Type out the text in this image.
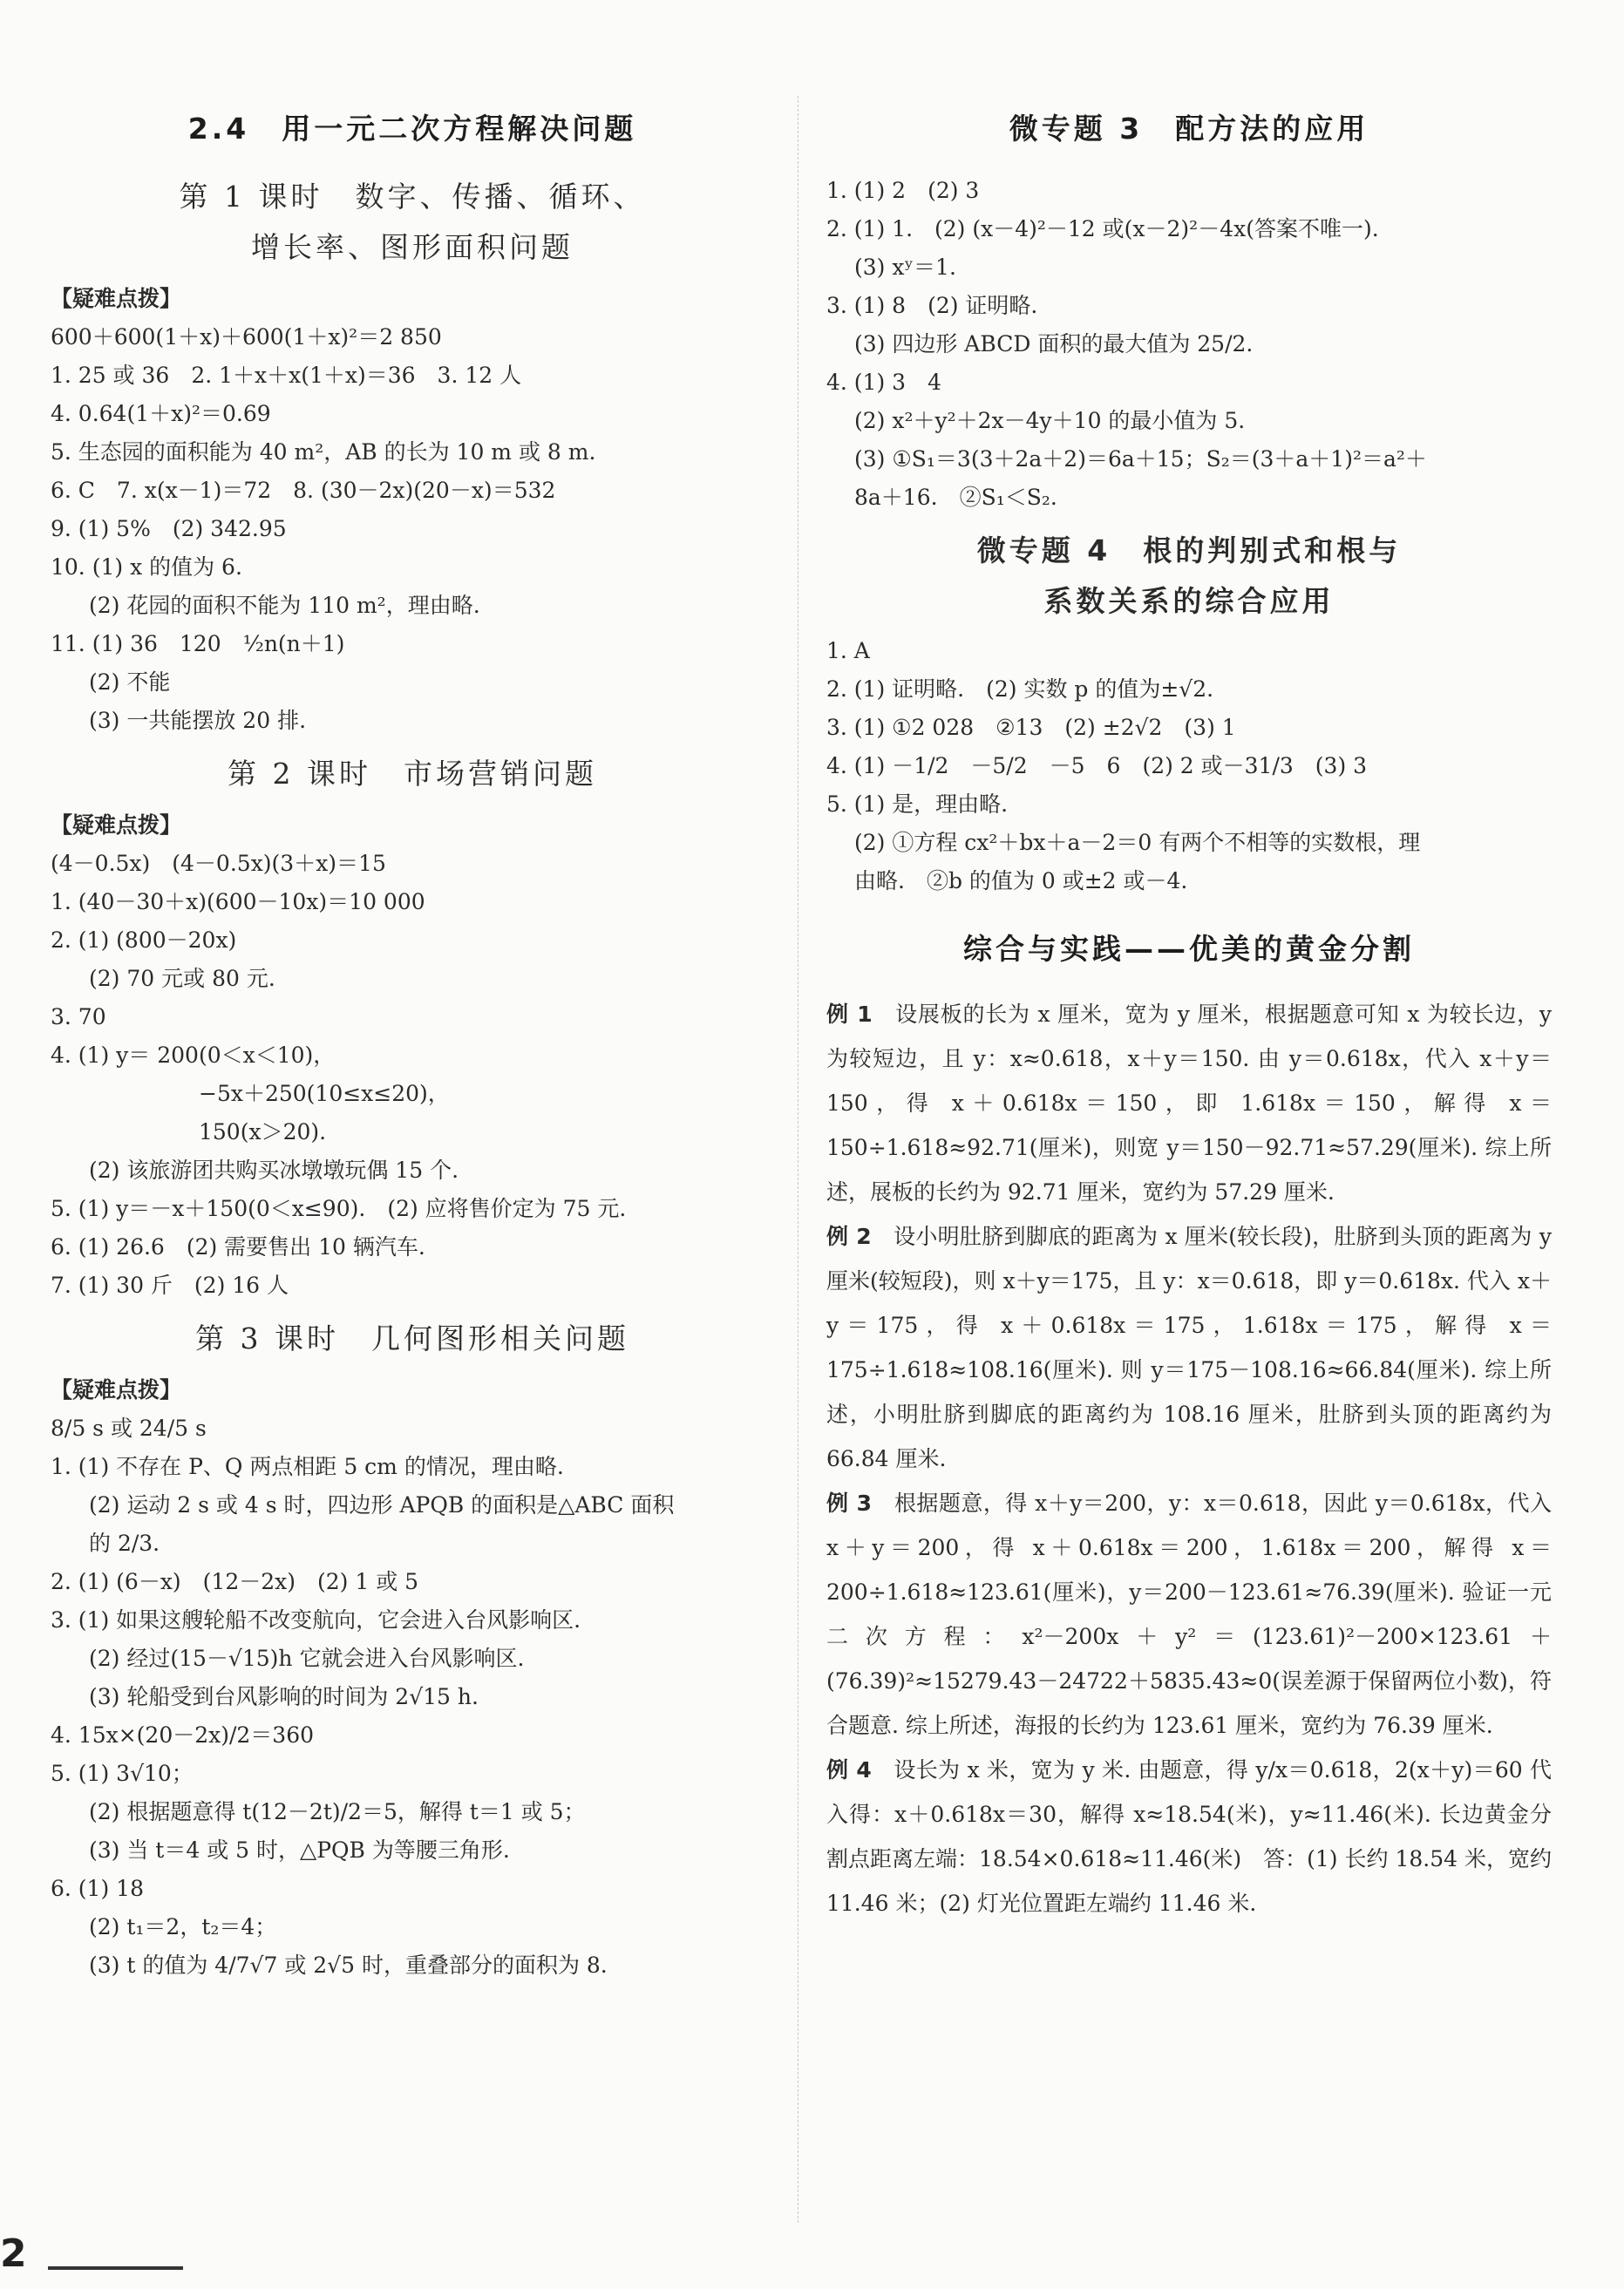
2.4　用一元二次方程解决问题
第 1 课时　数字、传播、循环、
增长率、图形面积问题
【疑难点拨】
600＋600(1＋x)＋600(1＋x)²＝2 850
1. 25 或 36　2. 1＋x＋x(1＋x)＝36　3. 12 人
4. 0.64(1＋x)²＝0.69
5. 生态园的面积能为 40 m²，AB 的长为 10 m 或 8 m.
6. C　7. x(x－1)＝72　8. (30－2x)(20－x)＝532
9. (1) 5%　(2) 342.95
10. (1) x 的值为 6.
(2) 花园的面积不能为 110 m²，理由略.
11. (1) 36　120　½n(n＋1)
(2) 不能
(3) 一共能摆放 20 排.
第 2 课时　市场营销问题
【疑难点拨】
(4－0.5x)　(4－0.5x)(3＋x)＝15
1. (40－30＋x)(600－10x)＝10 000
2. (1) (800－20x)
(2) 70 元或 80 元.
3. 70
4. (1) y＝ 200(0＜x＜10)，
−5x＋250(10≤x≤20)，
150(x＞20).
(2) 该旅游团共购买冰墩墩玩偶 15 个.
5. (1) y＝－x＋150(0＜x≤90).　(2) 应将售价定为 75 元.
6. (1) 26.6　(2) 需要售出 10 辆汽车.
7. (1) 30 斤　(2) 16 人
第 3 课时　几何图形相关问题
【疑难点拨】
8/5 s 或 24/5 s
1. (1) 不存在 P、Q 两点相距 5 cm 的情况，理由略.
(2) 运动 2 s 或 4 s 时，四边形 APQB 的面积是△ABC 面积
的 2/3.
2. (1) (6－x)　(12－2x)　(2) 1 或 5
3. (1) 如果这艘轮船不改变航向，它会进入台风影响区.
(2) 经过(15－√15)h 它就会进入台风影响区.
(3) 轮船受到台风影响的时间为 2√15 h.
4. 15x×(20－2x)/2＝360
5. (1) 3√10；
(2) 根据题意得 t(12－2t)/2＝5，解得 t＝1 或 5；
(3) 当 t＝4 或 5 时，△PQB 为等腰三角形.
6. (1) 18
(2) t₁＝2，t₂＝4；
(3) t 的值为 4/7√7 或 2√5 时，重叠部分的面积为 8.
微专题 3　配方法的应用
1. (1) 2　(2) 3
2. (1) 1.　(2) (x－4)²－12 或(x－2)²－4x(答案不唯一).
(3) xʸ＝1.
3. (1) 8　(2) 证明略.
(3) 四边形 ABCD 面积的最大值为 25/2.
4. (1) 3　4
(2) x²＋y²＋2x－4y＋10 的最小值为 5.
(3) ①S₁＝3(3＋2a＋2)＝6a＋15；S₂＝(3＋a＋1)²＝a²＋
8a＋16.　②S₁＜S₂.
微专题 4　根的判别式和根与
系数关系的综合应用
1. A
2. (1) 证明略.　(2) 实数 p 的值为±√2.
3. (1) ①2 028　②13　(2) ±2√2　(3) 1
4. (1) －1/2　－5/2　－5　6　(2) 2 或－31/3　(3) 3
5. (1) 是，理由略.
(2) ①方程 cx²＋bx＋a－2＝0 有两个不相等的实数根，理
由略.　②b 的值为 0 或±2 或－4.
综合与实践——优美的黄金分割
例 1　 设展板的长为 x 厘米，宽为 y 厘米，根据题意可知 x 为较长边，y 为较短边，且 y：x≈0.618，x＋y＝150. 由 y＝0.618x，代入 x＋y＝150，得 x＋0.618x＝150，即 1.618x＝150，解得 x＝150÷1.618≈92.71(厘米)，则宽 y＝150－92.71≈57.29(厘米). 综上所述，展板的长约为 92.71 厘米，宽约为 57.29 厘米.
例 2　 设小明肚脐到脚底的距离为 x 厘米(较长段)，肚脐到头顶的距离为 y 厘米(较短段)，则 x＋y＝175，且 y：x＝0.618，即 y＝0.618x. 代入 x＋y＝175，得 x＋0.618x＝175，1.618x＝175，解得 x＝175÷1.618≈108.16(厘米). 则 y＝175－108.16≈66.84(厘米). 综上所述，小明肚脐到脚底的距离约为 108.16 厘米，肚脐到头顶的距离约为 66.84 厘米.
例 3　 根据题意，得 x＋y＝200，y：x＝0.618，因此 y＝0.618x，代入 x＋y＝200，得 x＋0.618x＝200，1.618x＝200，解得 x＝200÷1.618≈123.61(厘米)，y＝200－123.61≈76.39(厘米). 验证一元二次方程：x²－200x＋y²＝(123.61)²－200×123.61＋(76.39)²≈15279.43－24722＋5835.43≈0(误差源于保留两位小数)，符合题意. 综上所述，海报的长约为 123.61 厘米，宽约为 76.39 厘米.
例 4　 设长为 x 米，宽为 y 米. 由题意，得 y/x＝0.618，2(x＋y)＝60 代入得：x＋0.618x＝30，解得 x≈18.54(米)，y≈11.46(米). 长边黄金分割点距离左端：18.54×0.618≈11.46(米)　答：(1) 长约 18.54 米，宽约 11.46 米；(2) 灯光位置距左端约 11.46 米.
2
